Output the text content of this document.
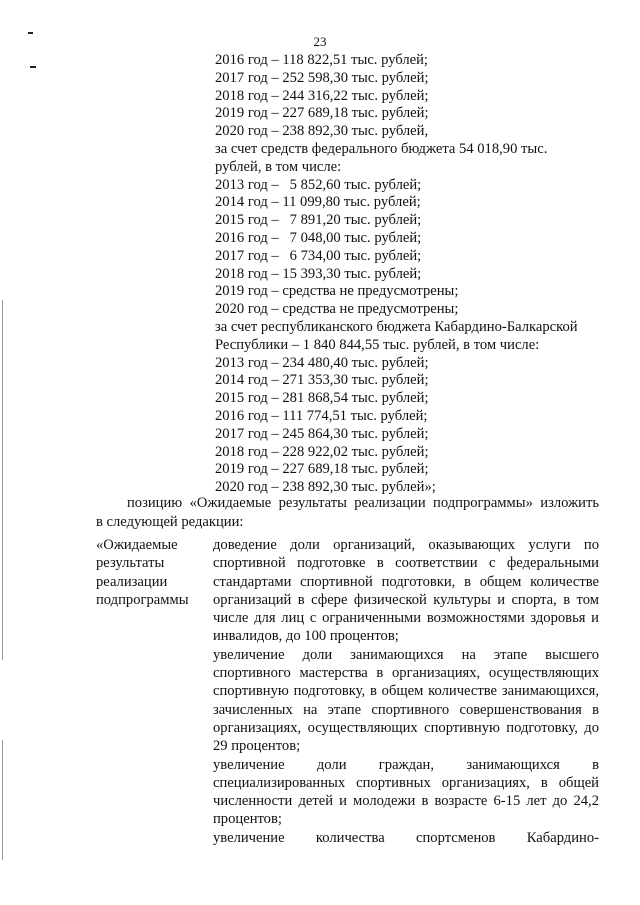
23
2016 год – 118 822,51 тыс. рублей;
2017 год – 252 598,30 тыс. рублей;
2018 год – 244 316,22 тыс. рублей;
2019 год – 227 689,18 тыс. рублей;
2020 год – 238 892,30 тыс. рублей,
за счет средств федерального бюджета 54 018,90 тыс.
рублей, в том числе:
2013 год –   5 852,60 тыс. рублей;
2014 год – 11 099,80 тыс. рублей;
2015 год –   7 891,20 тыс. рублей;
2016 год –   7 048,00 тыс. рублей;
2017 год –   6 734,00 тыс. рублей;
2018 год – 15 393,30 тыс. рублей;
2019 год – средства не предусмотрены;
2020 год – средства не предусмотрены;
за счет республиканского бюджета Кабардино-Балкарской
Республики – 1 840 844,55 тыс. рублей, в том числе:
2013 год – 234 480,40 тыс. рублей;
2014 год – 271 353,30 тыс. рублей;
2015 год – 281 868,54 тыс. рублей;
2016 год – 111 774,51 тыс. рублей;
2017 год – 245 864,30 тыс. рублей;
2018 год – 228 922,02 тыс. рублей;
2019 год – 227 689,18 тыс. рублей;
2020 год – 238 892,30 тыс. рублей»;
позицию «Ожидаемые результаты реализации подпрограммы» изложить
в следующей редакции:
«Ожидаемые
результаты
реализации
подпрограммы
доведение доли организаций, оказывающих услуги по спортивной подготовке в соответствии с федеральными стандартами спортивной подготовки, в общем количестве организаций в сфере физической культуры и спорта, в том числе для лиц с ограниченными возможностями здоровья и инвалидов, до 100 процентов;
увеличение доли занимающихся на этапе высшего спортивного мастерства в организациях, осуществляющих спортивную подготовку, в общем количестве занимающихся, зачисленных на этапе спортивного совершенствования в организациях, осуществляющих спортивную подготовку, до 29 процентов;
увеличение доли граждан, занимающихся в специализированных спортивных организациях, в общей численности детей и молодежи в возрасте 6-15 лет до 24,2 процентов;
увеличение количества спортсменов Кабардино-
